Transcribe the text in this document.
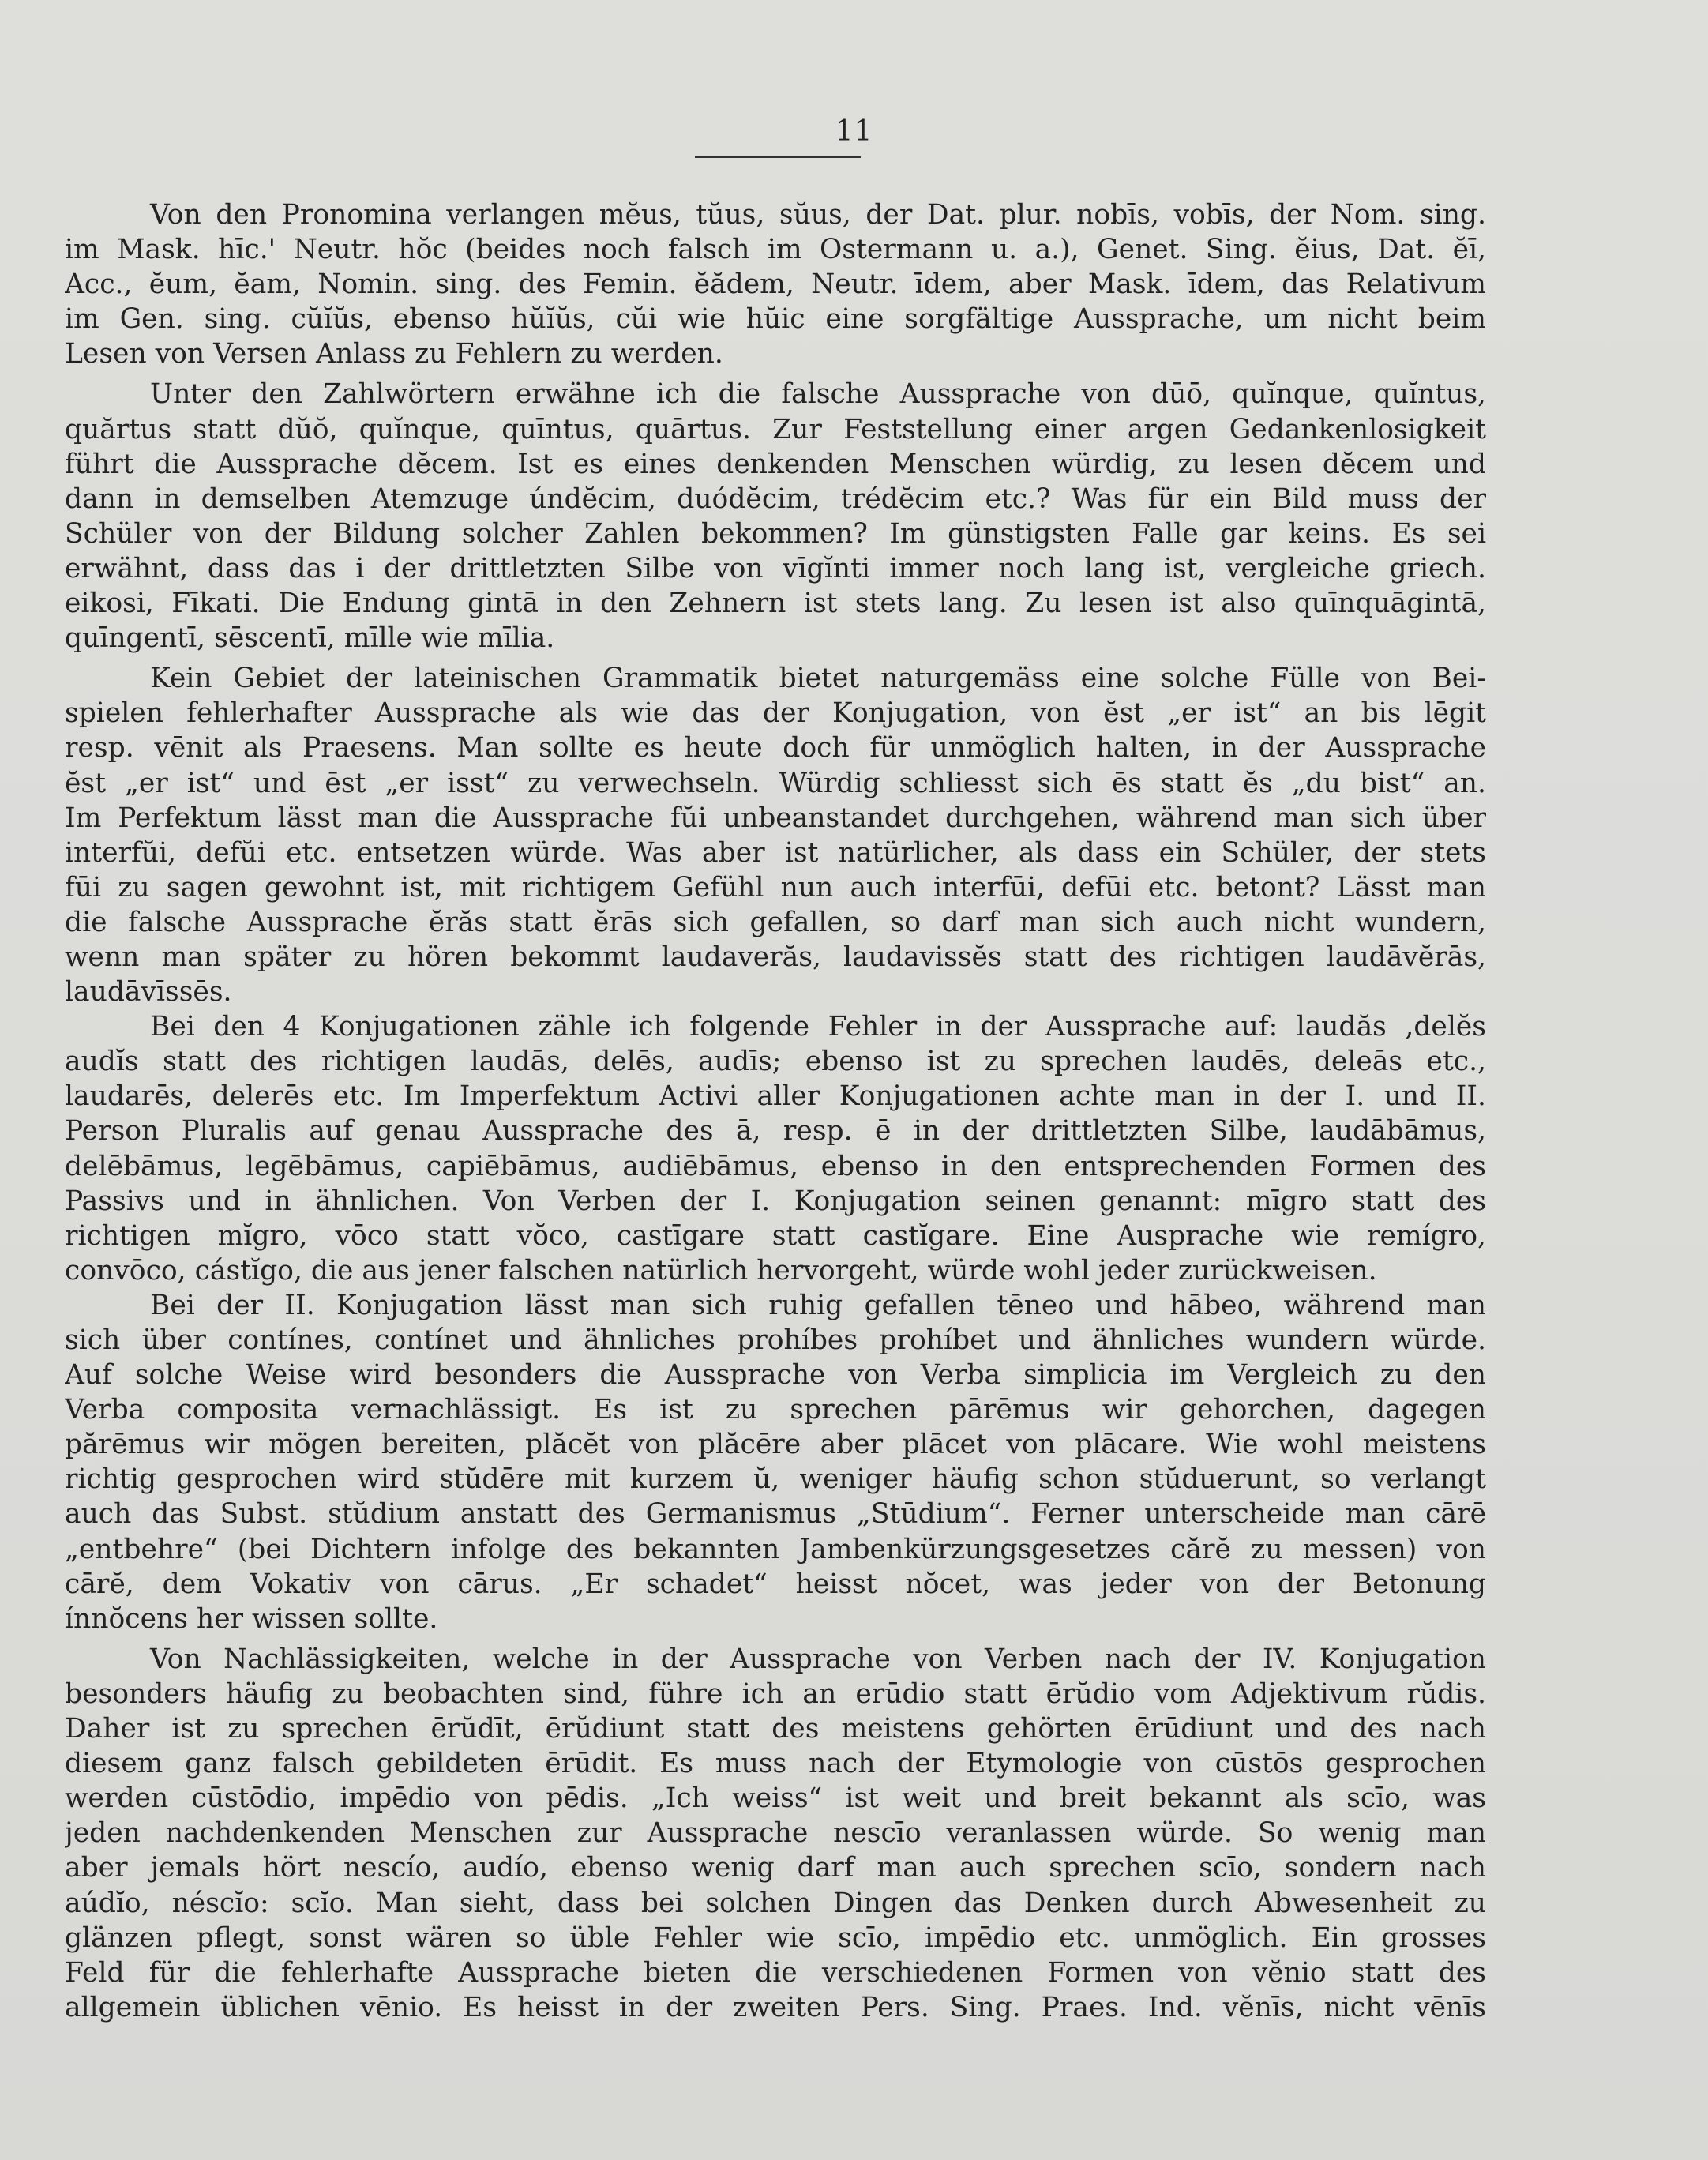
11
Von den Pronomina verlangen mĕus, tŭus, sŭus, der Dat. plur. nobīs, vobīs, der Nom. sing.
im Mask. hīc.' Neutr. hŏc (beides noch falsch im Ostermann u. a.), Genet. Sing. ĕius, Dat. ĕī,
Acc., ĕum, ĕam, Nomin. sing. des Femin. ĕădem, Neutr. īdem, aber Mask. īdem, das Relativum
im Gen. sing. cŭĭŭs, ebenso hŭĭŭs, cŭi wie hŭic eine sorgfältige Aussprache, um nicht beim
Lesen von Versen Anlass zu Fehlern zu werden.
Unter den Zahlwörtern erwähne ich die falsche Aussprache von dūō, quĭnque, quĭntus,
quărtus statt dŭŏ, quĭnque, quīntus, quārtus. Zur Feststellung einer argen Gedankenlosigkeit
führt die Aussprache dĕcem. Ist es eines denkenden Menschen würdig, zu lesen dĕcem und
dann in demselben Atemzuge úndĕcim, duódĕcim, trédĕcim etc.? Was für ein Bild muss der
Schüler von der Bildung solcher Zahlen bekommen? Im günstigsten Falle gar keins. Es sei
erwähnt, dass das i der drittletzten Silbe von vīgĭnti immer noch lang ist, vergleiche griech.
eikosi, Fīkati. Die Endung gintā in den Zehnern ist stets lang. Zu lesen ist also quīnquāgintā,
quīngentī, sēscentī, mīlle wie mīlia.
Kein Gebiet der lateinischen Grammatik bietet naturgemäss eine solche Fülle von Bei-
spielen fehlerhafter Aussprache als wie das der Konjugation, von ĕst „er ist“ an bis lēgit
resp. vēnit als Praesens. Man sollte es heute doch für unmöglich halten, in der Aussprache
ĕst „er ist“ und ēst „er isst“ zu verwechseln. Würdig schliesst sich ēs statt ĕs „du bist“ an.
Im Perfektum lässt man die Aussprache fŭi unbeanstandet durchgehen, während man sich über
interfŭi, defŭi etc. entsetzen würde. Was aber ist natürlicher, als dass ein Schüler, der stets
fūi zu sagen gewohnt ist, mit richtigem Gefühl nun auch interfūi, defūi etc. betont? Lässt man
die falsche Aussprache ĕrăs statt ĕrās sich gefallen, so darf man sich auch nicht wundern,
wenn man später zu hören bekommt laudaverăs, laudavissĕs statt des richtigen laudāvĕrās,
laudāvīssēs.
Bei den 4 Konjugationen zähle ich folgende Fehler in der Aussprache auf: laudăs ,delĕs
audĭs statt des richtigen laudās, delēs, audīs; ebenso ist zu sprechen laudēs, deleās etc.,
laudarēs, delerēs etc. Im Imperfektum Activi aller Konjugationen achte man in der I. und II.
Person Pluralis auf genau Aussprache des ā, resp. ē in der drittletzten Silbe, laudābāmus,
delēbāmus, legēbāmus, capiēbāmus, audiēbāmus, ebenso in den entsprechenden Formen des
Passivs und in ähnlichen. Von Verben der I. Konjugation seinen genannt: mīgro statt des
richtigen mĭgro, vōco statt vŏco, castīgare statt castĭgare. Eine Ausprache wie remígro,
convōco, cástĭgo, die aus jener falschen natürlich hervorgeht, würde wohl jeder zurückweisen.
Bei der II. Konjugation lässt man sich ruhig gefallen tēneo und hābeo, während man
sich über contínes, contínet und ähnliches prohíbes prohíbet und ähnliches wundern würde.
Auf solche Weise wird besonders die Aussprache von Verba simplicia im Vergleich zu den
Verba composita vernachlässigt. Es ist zu sprechen pārēmus wir gehorchen, dagegen
părēmus wir mögen bereiten, plăcĕt von plăcēre aber plācet von plācare. Wie wohl meistens
richtig gesprochen wird stŭdēre mit kurzem ŭ, weniger häufig schon stŭduerunt, so verlangt
auch das Subst. stŭdium anstatt des Germanismus „Stūdium“. Ferner unterscheide man cārē
„entbehre“ (bei Dichtern infolge des bekannten Jambenkürzungsgesetzes cărĕ zu messen) von
cārĕ, dem Vokativ von cārus. „Er schadet“ heisst nŏcet, was jeder von der Betonung
ínnŏcens her wissen sollte.
Von Nachlässigkeiten, welche in der Aussprache von Verben nach der IV. Konjugation
besonders häufig zu beobachten sind, führe ich an erūdio statt ērŭdio vom Adjektivum rŭdis.
Daher ist zu sprechen ērŭdīt, ērŭdiunt statt des meistens gehörten ērūdiunt und des nach
diesem ganz falsch gebildeten ērūdit. Es muss nach der Etymologie von cūstōs gesprochen
werden cūstōdio, impēdio von pēdis. „Ich weiss“ ist weit und breit bekannt als scīo, was
jeden nachdenkenden Menschen zur Aussprache nescīo veranlassen würde. So wenig man
aber jemals hört nescío, audío, ebenso wenig darf man auch sprechen scīo, sondern nach
aúdĭo, néscĭo: scĭo. Man sieht, dass bei solchen Dingen das Denken durch Abwesenheit zu
glänzen pflegt, sonst wären so üble Fehler wie scīo, impēdio etc. unmöglich. Ein grosses
Feld für die fehlerhafte Aussprache bieten die verschiedenen Formen von vĕnio statt des
allgemein üblichen vēnio. Es heisst in der zweiten Pers. Sing. Praes. Ind. vĕnīs, nicht vēnīs
